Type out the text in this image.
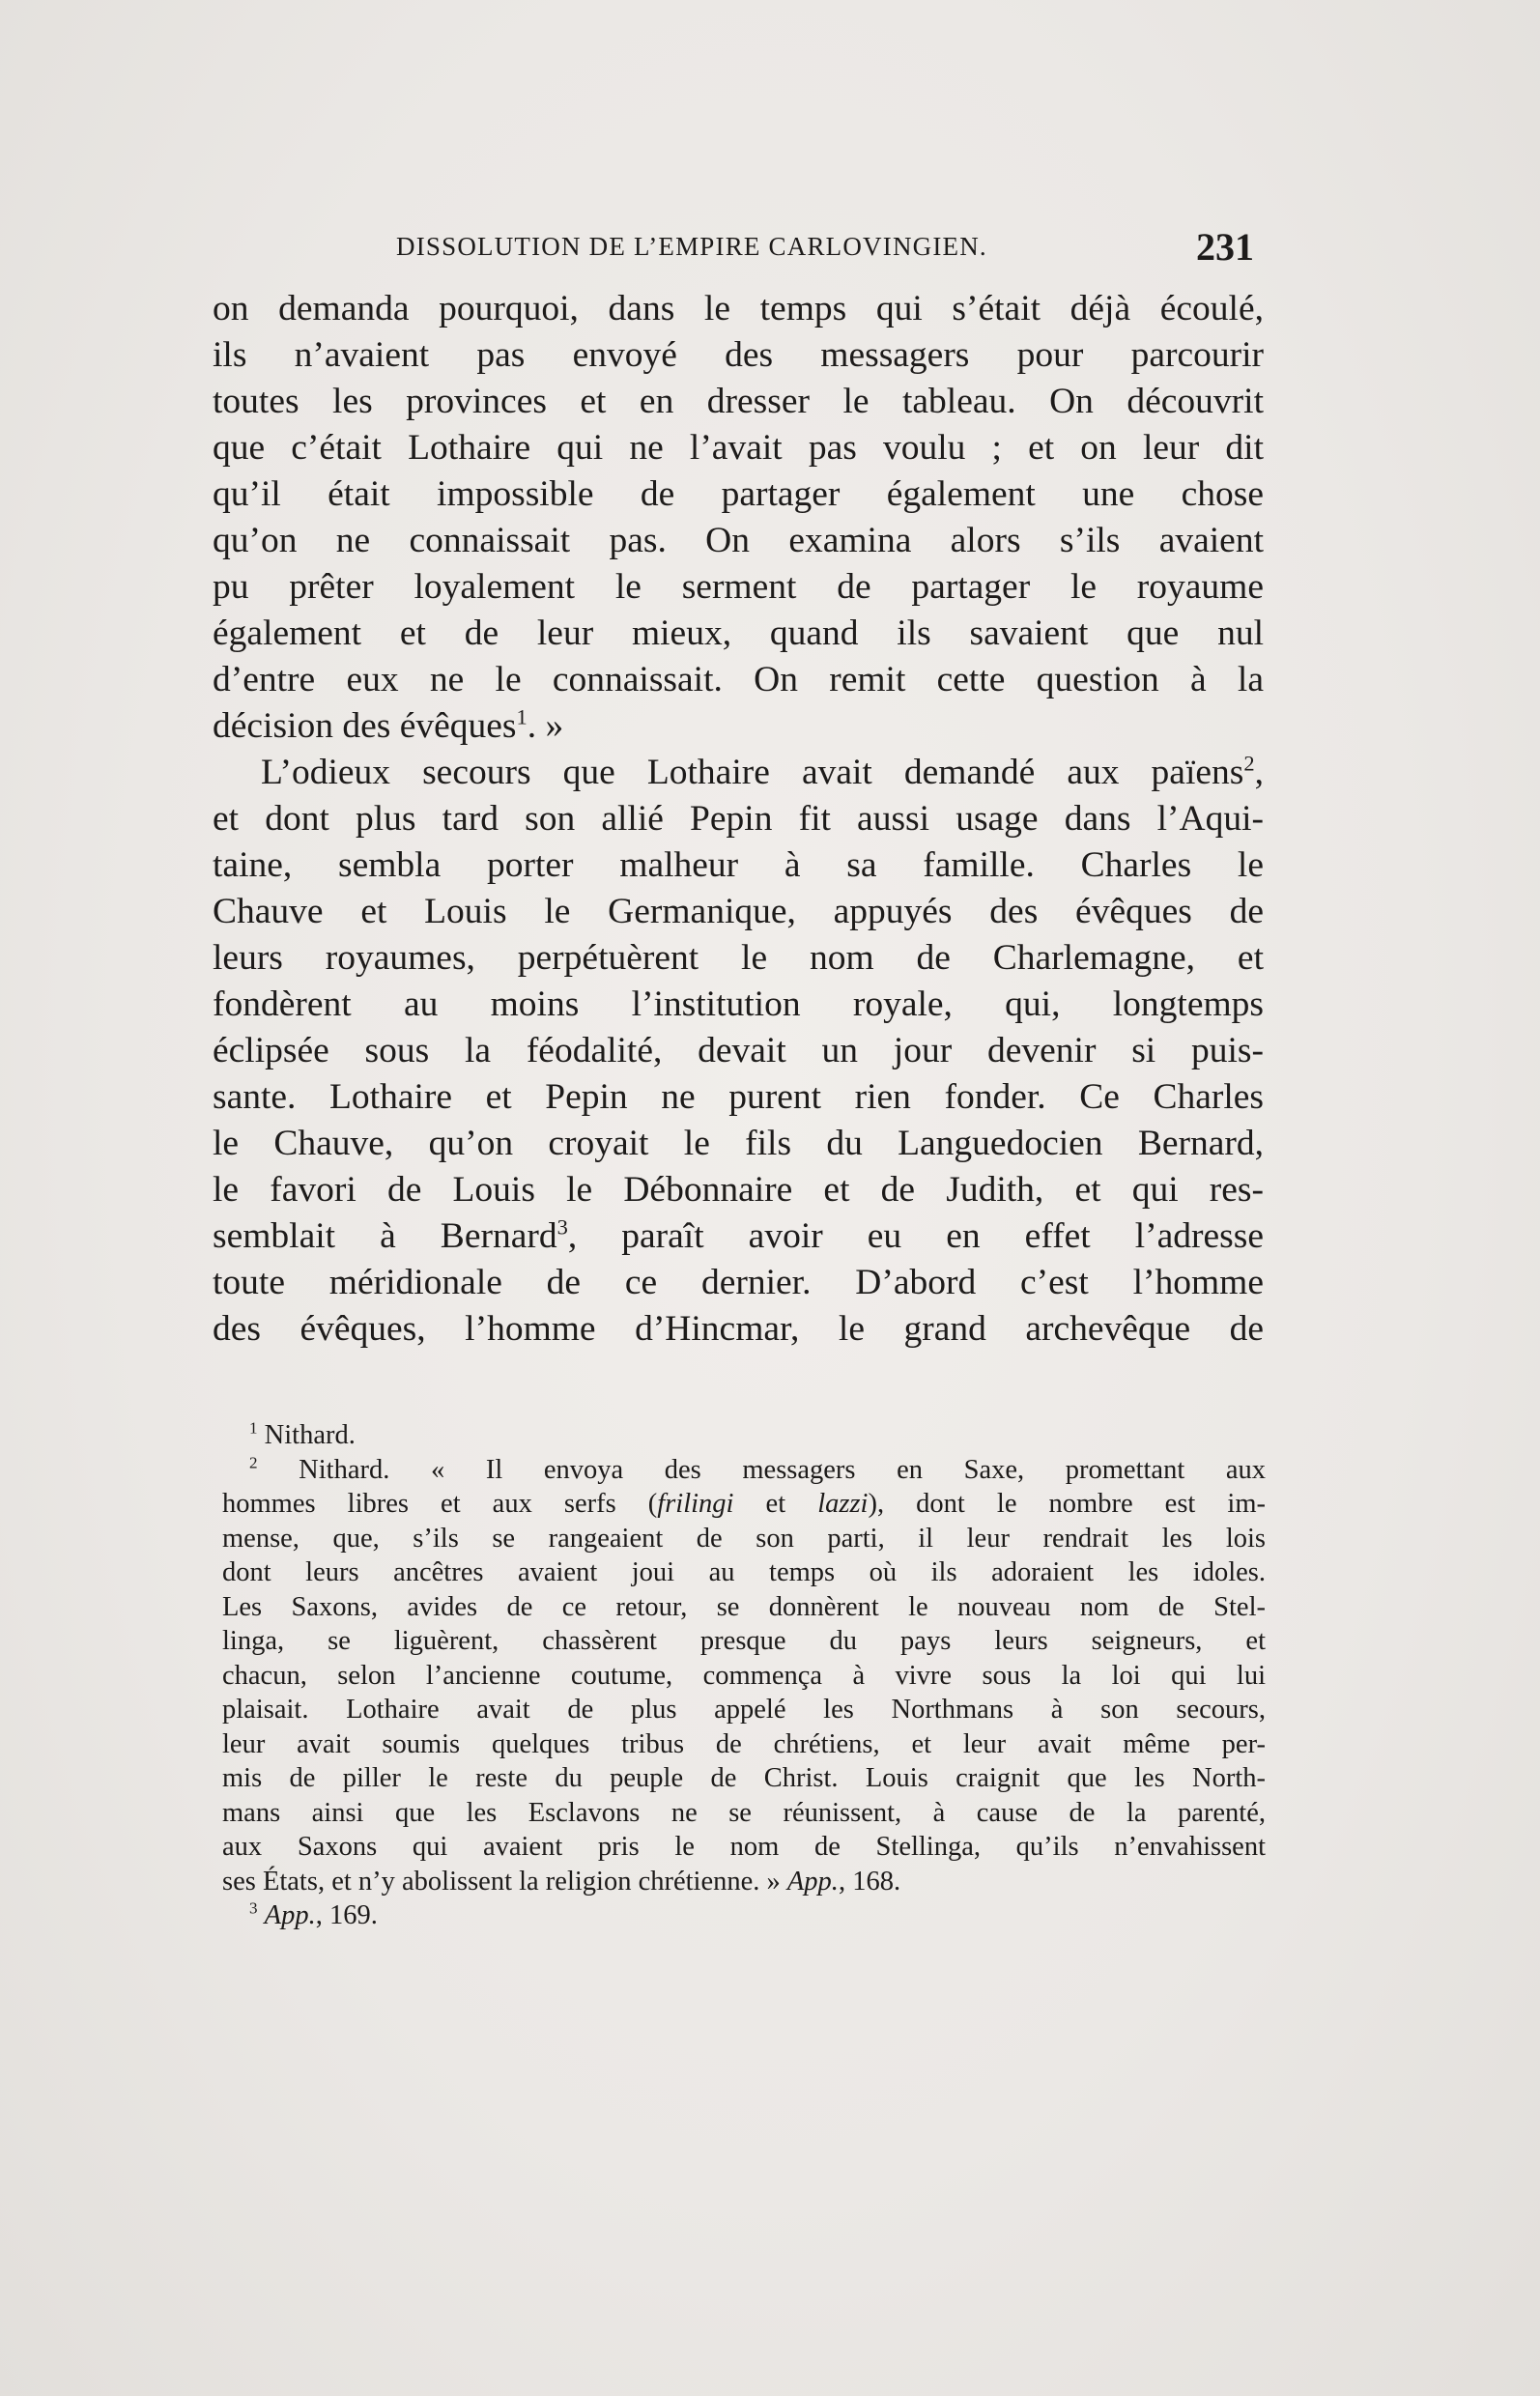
DISSOLUTION DE L’EMPIRE CARLOVINGIEN.	231
on demanda pourquoi, dans le temps qui s’était déjà écoulé,
ils n’avaient pas envoyé des messagers pour parcourir
toutes les provinces et en dresser le tableau. On découvrit
que c’était Lothaire qui ne l’avait pas voulu ; et on leur dit
qu’il était impossible de partager également une chose
qu’on ne connaissait pas. On examina alors s’ils avaient
pu prêter loyalement le serment de partager le royaume
également et de leur mieux, quand ils savaient que nul
d’entre eux ne le connaissait. On remit cette question à la
décision des évêques$^1$. »
L’odieux secours que Lothaire avait demandé aux païens$^2$,
et dont plus tard son allié Pepin fit aussi usage dans l’Aqui-
taine, sembla porter malheur à sa famille. Charles le
Chauve et Louis le Germanique, appuyés des évêques de
leurs royaumes, perpétuèrent le nom de Charlemagne, et
fondèrent au moins l’institution royale, qui, longtemps
éclipsée sous la féodalité, devait un jour devenir si puis-
sante. Lothaire et Pepin ne purent rien fonder. Ce Charles
le Chauve, qu’on croyait le fils du Languedocien Bernard,
le favori de Louis le Débonnaire et de Judith, et qui res-
semblait à Bernard$^3$, paraît avoir eu en effet l’adresse
toute méridionale de ce dernier. D’abord c’est l’homme
des évêques, l’homme d’Hincmar, le grand archevêque de
$^1$ Nithard.
$^2$ Nithard. « Il envoya des messagers en Saxe, promettant aux
hommes libres et aux serfs (frilingi et lazzi), dont le nombre est im-
mense, que, s’ils se rangeaient de son parti, il leur rendrait les lois
dont leurs ancêtres avaient joui au temps où ils adoraient les idoles.
Les Saxons, avides de ce retour, se donnèrent le nouveau nom de Stel-
linga, se liguèrent, chassèrent presque du pays leurs seigneurs, et
chacun, selon l’ancienne coutume, commença à vivre sous la loi qui lui
plaisait. Lothaire avait de plus appelé les Northmans à son secours,
leur avait soumis quelques tribus de chrétiens, et leur avait même per-
mis de piller le reste du peuple de Christ. Louis craignit que les North-
mans ainsi que les Esclavons ne se réunissent, à cause de la parenté,
aux Saxons qui avaient pris le nom de Stellinga, qu’ils n’envahissent
ses États, et n’y abolissent la religion chrétienne. » App., 168.
$^3$ App., 169.
